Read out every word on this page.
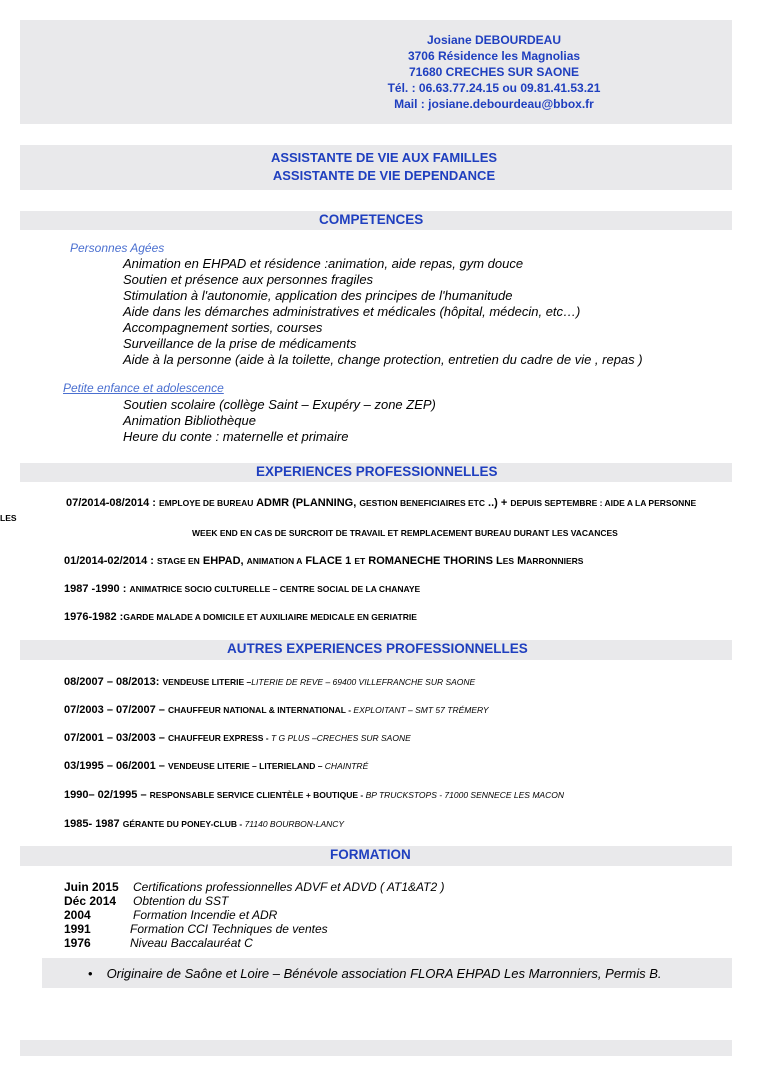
Josiane DEBOURDEAU
3706 Résidence les Magnolias
71680 CRECHES SUR SAONE
Tél. : 06.63.77.24.15 ou 09.81.41.53.21
Mail : josiane.debourdeau@bbox.fr
ASSISTANTE DE VIE AUX FAMILLES
ASSISTANTE DE VIE DEPENDANCE
COMPETENCES
Personnes Agées
Animation en EHPAD et résidence :animation, aide repas, gym douce
Soutien et présence aux personnes fragiles
Stimulation à l'autonomie, application des principes de l'humanitude
Aide dans les démarches administratives et médicales (hôpital, médecin, etc…)
Accompagnement sorties, courses
Surveillance de la prise de médicaments
Aide à la personne (aide à la toilette, change protection, entretien du cadre de vie , repas )
Petite enfance et adolescence
Soutien scolaire (collège Saint – Exupéry – zone ZEP)
Animation Bibliothèque
Heure du conte : maternelle et primaire
EXPERIENCES PROFESSIONNELLES
07/2014-08/2014 : EMPLOYE DE BUREAU ADMR (PLANNING, GESTION BENEFICIAIRES ETC ..) + DEPUIS SEPTEMBRE : AIDE A LA PERSONNE
LES
WEEK END EN CAS DE SURCROIT DE TRAVAIL ET REMPLACEMENT BUREAU DURANT LES VACANCES
01/2014-02/2014 : STAGE EN EHPAD, ANIMATION A FLACE 1 ET ROMANECHE THORINS LES MARRONNIERS
1987 -1990 : ANIMATRICE SOCIO CULTURELLE – CENTRE SOCIAL DE LA CHANAYE
1976-1982 :GARDE MALADE A DOMICILE ET AUXILIAIRE MEDICALE EN GERIATRIE
AUTRES EXPERIENCES PROFESSIONNELLES
08/2007 – 08/2013: VENDEUSE LITERIE –LITERIE DE REVE – 69400 VILLEFRANCHE SUR SAONE
07/2003 – 07/2007 – CHAUFFEUR NATIONAL & INTERNATIONAL - EXPLOITANT – SMT 57 TRÉMERY
07/2001 – 03/2003 – CHAUFFEUR EXPRESS - T G PLUS –CRECHES SUR SAONE
03/1995 – 06/2001 – VENDEUSE LITERIE – LITERIELAND – CHAINTRÉ
1990– 02/1995 – RESPONSABLE SERVICE CLIENTÈLE + BOUTIQUE - BP TRUCKSTOPS - 71000 SENNECE LES MACON
1985- 1987 GÉRANTE DU PONEY-CLUB - 71140 BOURBON-LANCY
FORMATION
Juin 2015 Certifications professionnelles ADVF et ADVD ( AT1&AT2 )
Déc 2014 Obtention du SST
2004	Formation Incendie et ADR
1991	Formation CCI Techniques de ventes
1976	Niveau Baccalauréat C
• Originaire de Saône et Loire – Bénévole association FLORA EHPAD Les Marronniers, Permis B.
